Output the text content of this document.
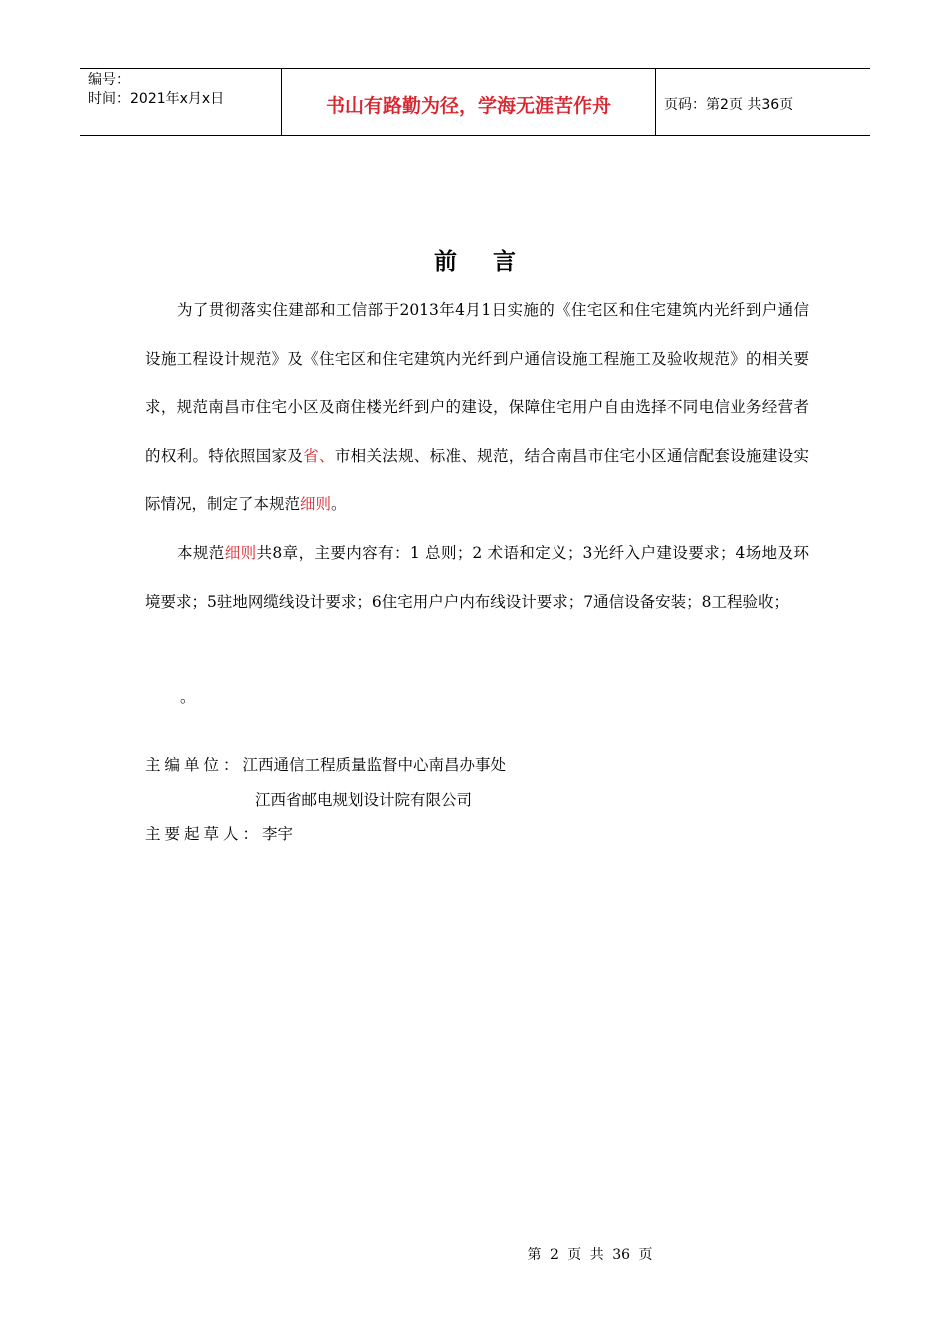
编号：
时间：2021年x月x日	书山有路勤为径，学海无涯苦作舟	页码：第2页 共36页
前言
为了贯彻落实住建部和工信部于2013年4月1日实施的《住宅区和住宅建筑内光纤到户通信设施工程设计规范》及《住宅区和住宅建筑内光纤到户通信设施工程施工及验收规范》的相关要求，规范南昌市住宅小区及商住楼光纤到户的建设，保障住宅用户自由选择不同电信业务经营者的权利。特依照国家及省、市相关法规、标准、规范，结合南昌市住宅小区通信配套设施建设实际情况，制定了本规范细则。
本规范细则共8章，主要内容有：1 总则；2 术语和定义；3光纤入户建设要求；4场地及环境要求；5驻地网缆线设计要求；6住宅用户户内布线设计要求；7通信设备安装；8工程验收；
。
主编单位：江西通信工程质量监督中心南昌办事处
江西省邮电规划设计院有限公司
主要起草人：李宇
第 2 页 共 36 页
